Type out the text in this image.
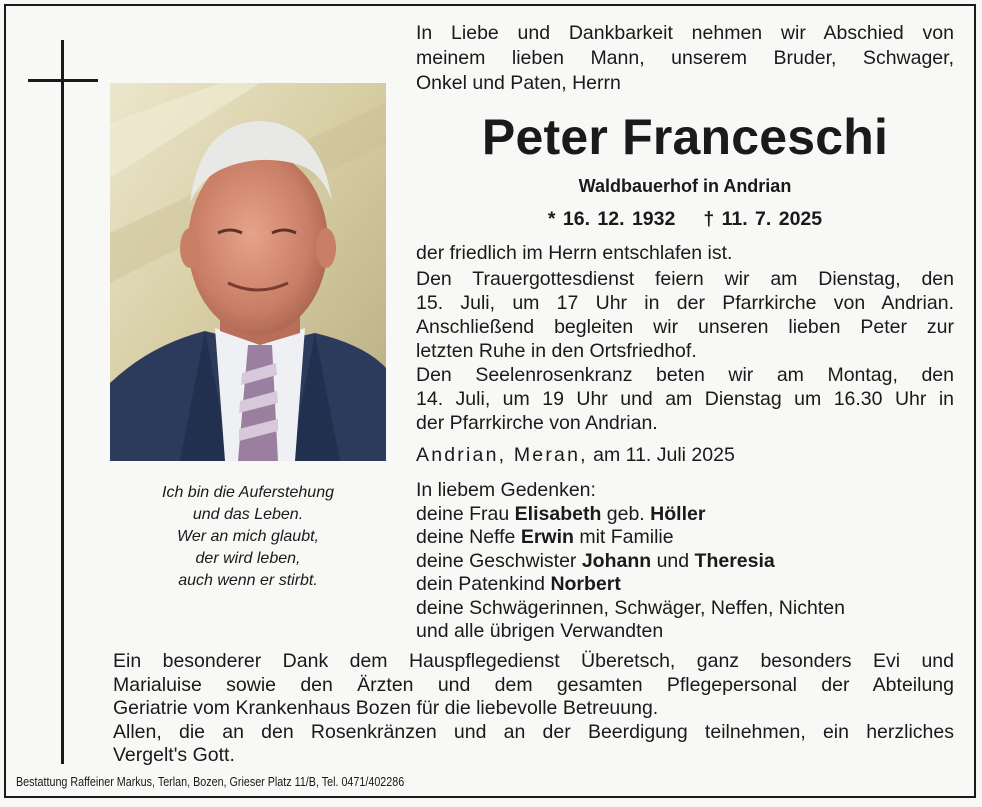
Ich bin die Auferstehung
und das Leben.
Wer an mich glaubt,
der wird leben,
auch wenn er stirbt.
In Liebe und Dankbarkeit nehmen wir Abschied von
meinem lieben Mann, unserem Bruder, Schwager,
Onkel und Paten, Herrn
Peter Franceschi
Waldbauerhof in Andrian
* 16. 12. 1932 † 11. 7. 2025
der friedlich im Herrn entschlafen ist.
Den Trauergottesdienst feiern wir am Dienstag, den
15. Juli, um 17 Uhr in der Pfarrkirche von Andrian.
Anschließend begleiten wir unseren lieben Peter zur
letzten Ruhe in den Ortsfriedhof.
Den Seelenrosenkranz beten wir am Montag, den
14. Juli, um 19 Uhr und am Dienstag um 16.30 Uhr in
der Pfarrkirche von Andrian.
Andrian, Meran, am 11. Juli 2025
In liebem Gedenken:
deine Frau Elisabeth geb. Höller
deine Neffe Erwin mit Familie
deine Geschwister Johann und Theresia
dein Patenkind Norbert
deine Schwägerinnen, Schwäger, Neffen, Nichten
und alle übrigen Verwandten
Ein besonderer Dank dem Hauspflegedienst Überetsch, ganz besonders Evi und
Marialuise sowie den Ärzten und dem gesamten Pflegepersonal der Abteilung
Geriatrie vom Krankenhaus Bozen für die liebevolle Betreuung.
Allen, die an den Rosenkränzen und an der Beerdigung teilnehmen, ein herzliches
Vergelt's Gott.
Bestattung Raffeiner Markus, Terlan, Bozen, Grieser Platz 11/B, Tel. 0471/402286
